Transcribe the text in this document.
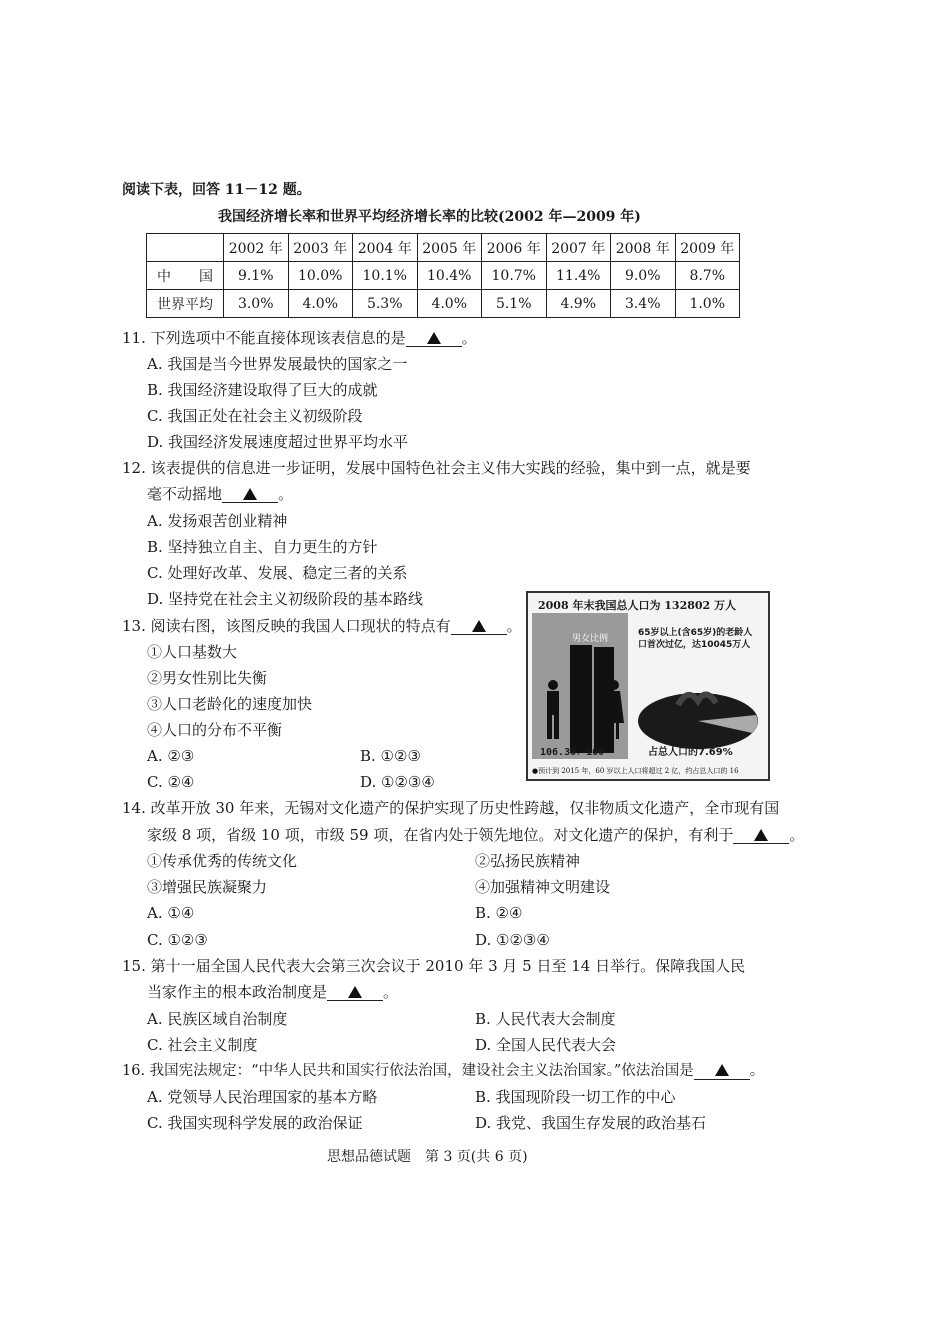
阅读下表，回答 11－12 题。
我国经济增长率和世界平均经济增长率的比较(2002 年—2009 年)
	2002 年	2003 年	2004 年	2005 年	2006 年	2007 年	2008 年	2009 年
中　　国	9.1%	10.0%	10.1%	10.4%	10.7%	11.4%	9.0%	8.7%
世界平均	3.0%	4.0%	5.3%	4.0%	5.1%	4.9%	3.4%	1.0%
11. 下列选项中不能直接体现该表信息的是	。
A. 我国是当今世界发展最快的国家之一
B. 我国经济建设取得了巨大的成就
C. 我国正处在社会主义初级阶段
D. 我国经济发展速度超过世界平均水平
12. 该表提供的信息进一步证明，发展中国特色社会主义伟大实践的经验，集中到一点，就是要
毫不动摇地	。
A. 发扬艰苦创业精神
B. 坚持独立自主、自力更生的方针
C. 处理好改革、发展、稳定三者的关系
D. 坚持党在社会主义初级阶段的基本路线
13. 阅读右图，该图反映的我国人口现状的特点有	。
①人口基数大
②男女性别比失衡
③人口老龄化的速度加快
④人口的分布不平衡
A. ②③	B. ①②③
C. ②④	D. ①②③④
2008 年末我国总人口为 132802 万人
男女比例
106.30：100
65岁以上(含65岁)的老龄人口首次过亿，达10045万人
占总人口的7.69%
●预计到 2015 年，60 岁以上人口将超过 2 亿，约占总人口的 16
14. 改革开放 30 年来，无锡对文化遗产的保护实现了历史性跨越，仅非物质文化遗产，全市现有国
家级 8 项，省级 10 项，市级 59 项，在省内处于领先地位。对文化遗产的保护，有利于	。
①传承优秀的传统文化	②弘扬民族精神
③增强民族凝聚力	④加强精神文明建设
A. ①④	B. ②④
C. ①②③	D. ①②③④
15. 第十一届全国人民代表大会第三次会议于 2010 年 3 月 5 日至 14 日举行。保障我国人民
当家作主的根本政治制度是	。
A. 民族区域自治制度	B. 人民代表大会制度
C. 社会主义制度	D. 全国人民代表大会
16. 我国宪法规定：“中华人民共和国实行依法治国，建设社会主义法治国家。”依法治国是	。
A. 党领导人民治理国家的基本方略	B. 我国现阶段一切工作的中心
C. 我国实现科学发展的政治保证	D. 我党、我国生存发展的政治基石
思想品德试题　第 3 页(共 6 页)
